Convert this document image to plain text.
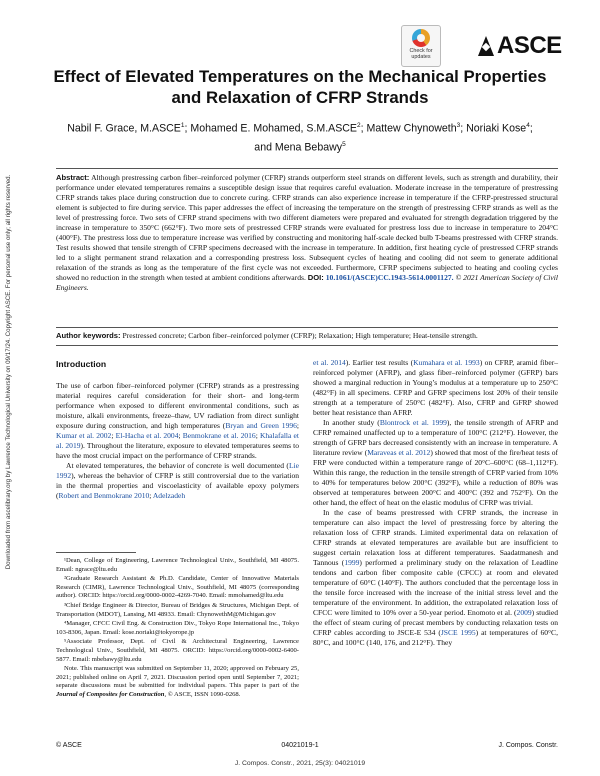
Downloaded from ascelibrary.org by Lawrence Technological University on 09/17/24. Copyright ASCE. For personal use only; all rights reserved.
Check for
updates	ASCE
Effect of Elevated Temperatures on the Mechanical Properties and Relaxation of CFRP Strands
Nabil F. Grace, M.ASCE$^1$; Mohamed E. Mohamed, S.M.ASCE$^2$; Mattew Chynoweth$^3$; Noriaki Kose$^4$;
and Mena Bebawy$^5$
Abstract: Although prestressing carbon fiber–reinforced polymer (CFRP) strands outperform steel strands on different levels, such as strength and durability, their performance under elevated temperatures remains a susceptible design issue that requires careful evaluation. Moderate increase in the temperature of prestressing CFRP strands takes place during construction due to concrete curing. CFRP strands can also experience increase in temperature if the CFRP-prestressed structural element is subjected to fire during service. This paper addresses the effect of increasing the temperature on the strength of prestressing CFRP strands as well as the level of prestressing force. Two sets of CFRP strand specimens with two different diameters were prepared and evaluated for strength degradation triggered by the increase in temperature to 350°C (662°F). Two more sets of prestressed CFRP strands were evaluated for prestress loss due to increase in temperature to 204°C (400°F). The prestress loss due to temperature increase was verified by constructing and monitoring half-scale decked bulb T-beams prestressed with CFRP strands. Test results showed that tensile strength of CFRP specimens decreased with the increase in temperature. In addition, first heating cycle of prestressed CFRP strands led to a slight permanent strand relaxation and a corresponding prestress loss. Subsequent cycles of heating and cooling did not seem to generate additional relaxation of the strands as long as the temperature of the first cycle was not exceeded. Furthermore, CFRP specimens subjected to heating and cooling cycles showed no reduction in the strength when tested at ambient conditions afterwards. DOI: 10.1061/(ASCE)CC.1943-5614.0001127. © 2021 American Society of Civil Engineers.
Author keywords: Prestressed concrete; Carbon fiber–reinforced polymer (CFRP); Relaxation; High temperature; Heat-tensile strength.
Introduction

The use of carbon fiber–reinforced polymer (CFRP) strands as a prestressing material requires careful consideration for their short- and long-term performance when exposed to different environmental conditions, such as moisture, alkali environments, freeze–thaw, UV radiation from direct sunlight exposure during construction, and high temperatures (Bryan and Green 1996; Kumar et al. 2002; El-Hacha et al. 2004; Benmokrane et al. 2016; Khalafalla et al. 2019). Throughout the literature, exposure to elevated temperatures seems to have the most crucial impact on the performance of CFRP strands.

At elevated temperatures, the behavior of concrete is well documented (Lie 1992), whereas the behavior of CFRP is still controversial due to the variation in the thermal properties and viscoelasticity of available epoxy polymers (Robert and Benmokrane 2010; Adelzadeh

¹Dean, College of Engineering, Lawrence Technological Univ., Southfield, MI 48075. Email: ngrace@ltu.edu

²Graduate Research Assistant & Ph.D. Candidate, Center of Innovative Materials Research (CIMR), Lawrence Technological Univ., Southfield, MI 48075 (corresponding author). ORCID: https://orcid.org/0000-0002-4269-7040. Email: mmohamed@ltu.edu

³Chief Bridge Engineer & Director, Bureau of Bridges & Structures, Michigan Dept. of Transportation (MDOT), Lansing, MI 48933. Email: ChynowethM@Michigan.gov

⁴Manager, CFCC Civil Eng. & Construction Div., Tokyo Rope International Inc., Tokyo 103-8306, Japan. Email: kose.noriaki@tokyorope.jp

⁵Associate Professor, Dept. of Civil & Architectural Engineering, Lawrence Technological Univ., Southfield, MI 48075. ORCID: https://orcid.org/0000-0002-6400-5877. Email: mbebawy@ltu.edu

Note. This manuscript was submitted on September 11, 2020; approved on February 25, 2021; published online on April 7, 2021. Discussion period open until September 7, 2021; separate discussions must be submitted for individual papers. This paper is part of the Journal of Composites for Construction, © ASCE, ISSN 1090-0268.

et al. 2014). Earlier test results (Kumahara et al. 1993) on CFRP, aramid fiber–reinforced polymer (AFRP), and glass fiber–reinforced polymer (GFRP) bars showed a marginal reduction in Young’s modulus at a temperature up to 250°C (482°F) in all specimens. CFRP and GFRP specimens lost 20% of their tensile strength at a temperature of 250°C (482°F). Also, CFRP and GFRP showed better heat resistance than AFRP.

In another study (Blontrock et al. 1999), the tensile strength of AFRP and CFRP remained unaffected up to a temperature of 100°C (212°F). However, the strength of GFRP bars decreased consistently with an increase in temperature. A literature review (Maraveas et al. 2012) showed that most of the fire/heat tests of FRP were conducted within a temperature range of 20°C–600°C (68–1,112°F). Within this range, the reduction in the tensile strength of CFRP varied from 10% to 40% for temperatures below 200°C (392°F), while a reduction of 80% was observed at temperatures between 200°C and 400°C (392 and 752°F). On the other hand, the effect of heat on the elastic modulus of CFRP was trivial.

In the case of beams prestressed with CFRP strands, the increase in temperature can also impact the level of prestressing force by altering the relaxation loss of CFRP strands. Limited experimental data on relaxation of CFRP strands at elevated temperatures are available but are insufficient to suggest certain relaxation loss at different temperatures. Saadatmanesh and Tannous (1999) performed a preliminary study on the relaxation of Leadline tendons and carbon fiber composite cable (CFCC) at room and elevated temperature of 60°C (140°F). The authors concluded that the percentage loss in the tensile force increased with the increase of the initial stress level and the temperature of the environment. In addition, the extrapolated relaxation loss of CFCC were limited to 10% over a 50-year period. Enomoto et al. (2009) studied the effect of steam curing of precast members by conducting relaxation tests on CFRP cables according to JSCE-E 534 (JSCE 1995) at temperatures of 60°C, 80°C, and 100°C (140, 176, and 212°F). They

© ASCE	04021019-1	J. Compos. Constr.
J. Compos. Constr., 2021, 25(3): 04021019
